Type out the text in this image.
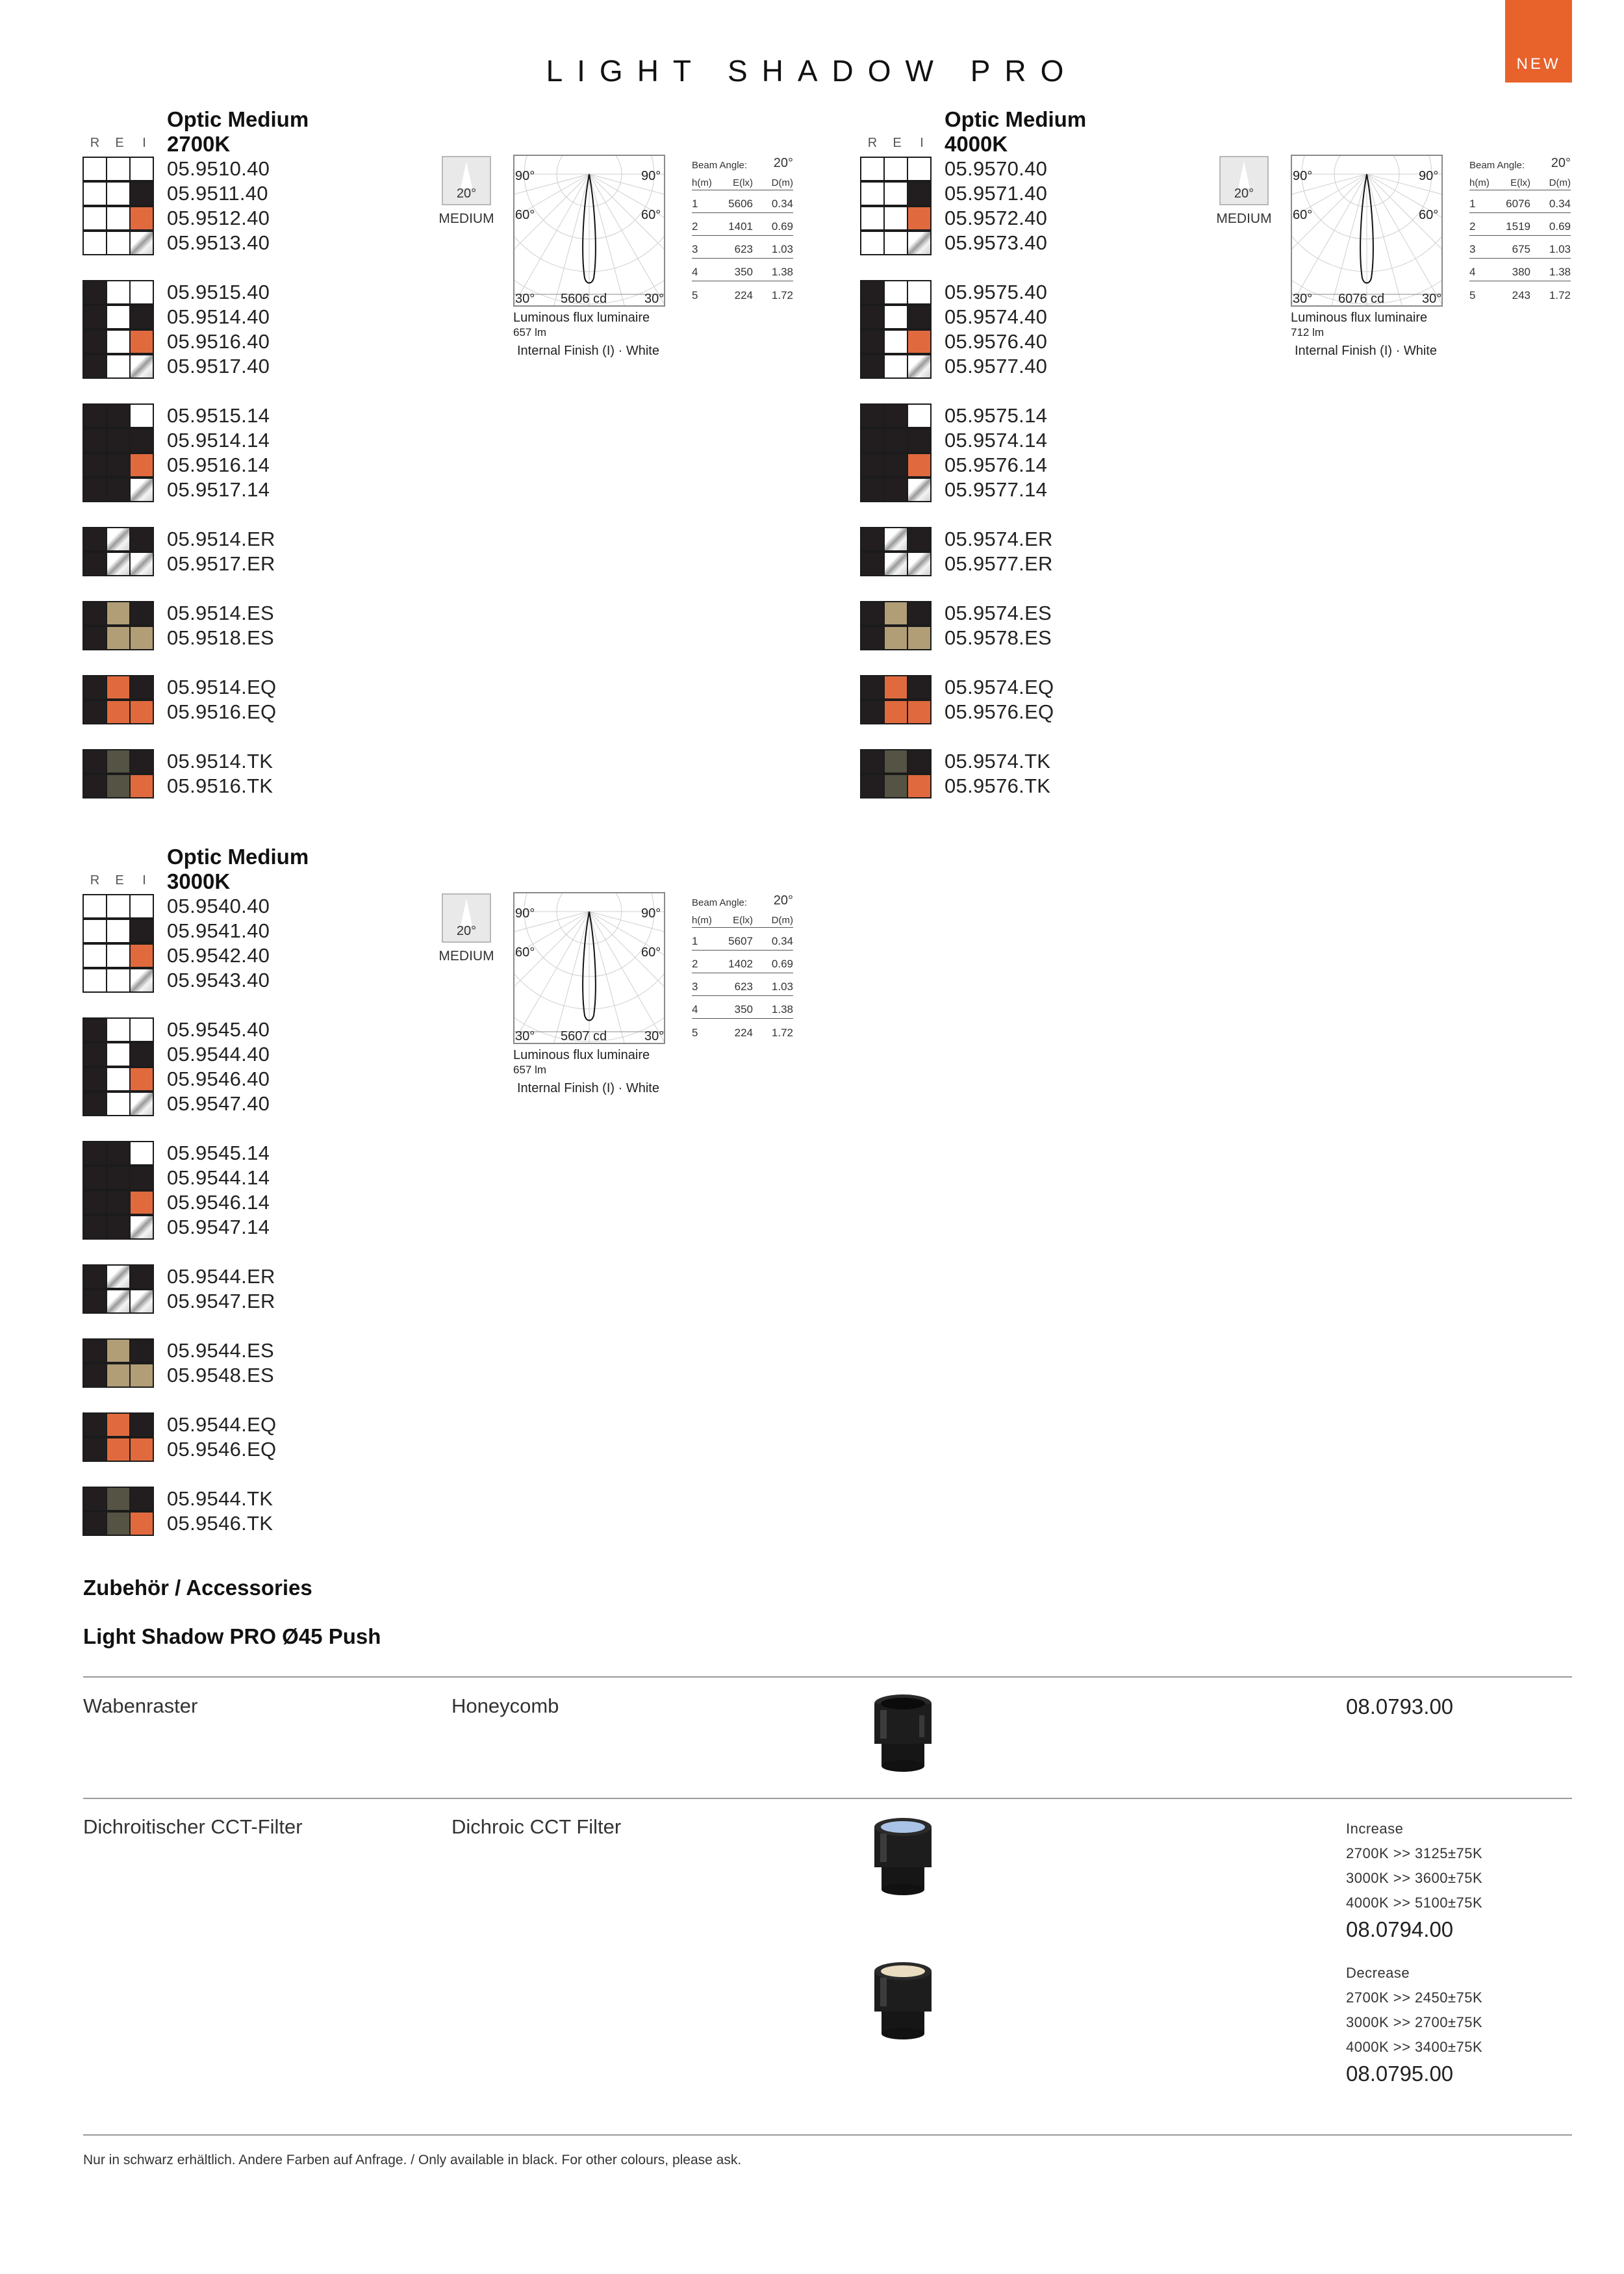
LIGHT SHADOW PRO	NEW
Optic Medium
2700K
R	E	I
05.9510.40
05.9511.40
05.9512.40
05.9513.40
05.9515.40
05.9514.40
05.9516.40
05.9517.40
05.9515.14
05.9514.14
05.9516.14
05.9517.14
05.9514.ER
05.9517.ER
05.9514.ES
05.9518.ES
05.9514.EQ
05.9516.EQ
05.9514.TK
05.9516.TK
20°
MEDIUM
90°	90°
60°	60°
30°	30°
5606 cd
Luminous flux luminaire
657 lm
Internal Finish (I) · White
Beam Angle: 20°
h(m)	E(lx)	D(m)
1	5606	0.34
2	1401	0.69
3	623	1.03
4	350	1.38
5	224	1.72
Optic Medium
4000K
R	E	I
05.9570.40
05.9571.40
05.9572.40
05.9573.40
05.9575.40
05.9574.40
05.9576.40
05.9577.40
05.9575.14
05.9574.14
05.9576.14
05.9577.14
05.9574.ER
05.9577.ER
05.9574.ES
05.9578.ES
05.9574.EQ
05.9576.EQ
05.9574.TK
05.9576.TK
20°
MEDIUM
90°	90°
60°	60°
30°	30°
6076 cd
Luminous flux luminaire
712 lm
Internal Finish (I) · White
Beam Angle: 20°
h(m)	E(lx)	D(m)
1	6076	0.34
2	1519	0.69
3	675	1.03
4	380	1.38
5	243	1.72
Optic Medium
3000K
R	E	I
05.9540.40
05.9541.40
05.9542.40
05.9543.40
05.9545.40
05.9544.40
05.9546.40
05.9547.40
05.9545.14
05.9544.14
05.9546.14
05.9547.14
05.9544.ER
05.9547.ER
05.9544.ES
05.9548.ES
05.9544.EQ
05.9546.EQ
05.9544.TK
05.9546.TK
20°
MEDIUM
90°	90°
60°	60°
30°	30°
5607 cd
Luminous flux luminaire
657 lm
Internal Finish (I) · White
Beam Angle: 20°
h(m)	E(lx)	D(m)
1	5607	0.34
2	1402	0.69
3	623	1.03
4	350	1.38
5	224	1.72
Zubehör / Accessories
Light Shadow PRO Ø45 Push
Wabenraster	Honeycomb	08.0793.00
Dichroitischer CCT-Filter	Dichroic CCT Filter	Increase
2700K >> 3125±75K
3000K >> 3600±75K
4000K >> 5100±75K
08.0794.00
Decrease
2700K >> 2450±75K
3000K >> 2700±75K
4000K >> 3400±75K
08.0795.00
Nur in schwarz erhältlich. Andere Farben auf Anfrage. / Only available in black. For other colours, please ask.
